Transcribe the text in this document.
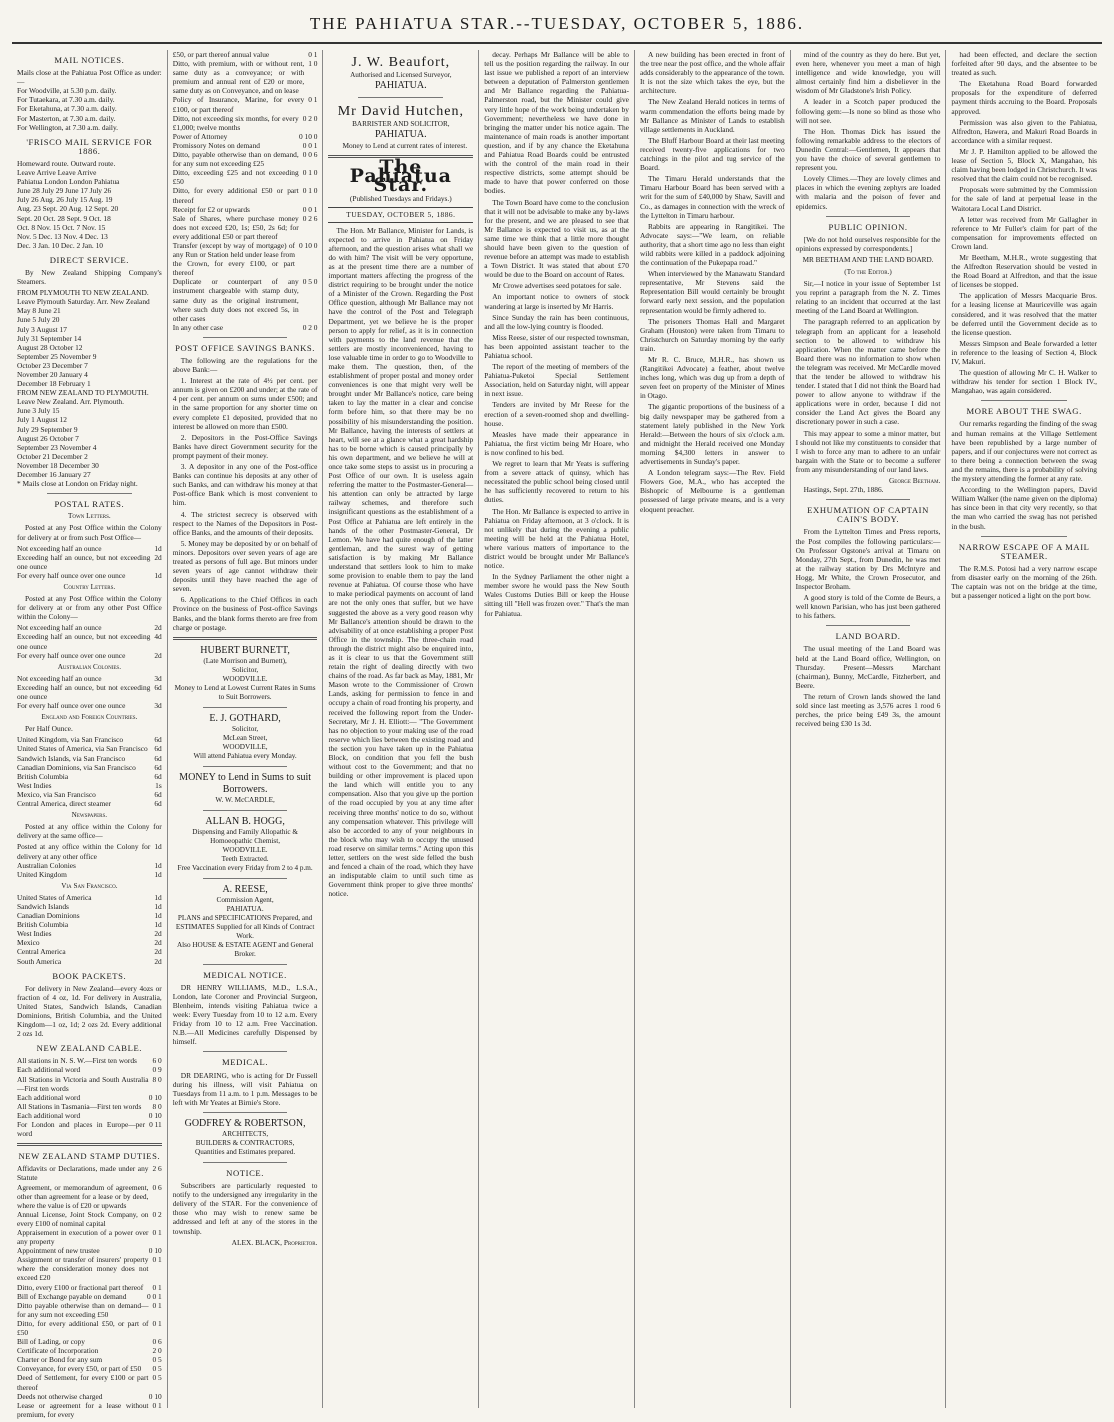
THE PAHIATUA STAR.--TUESDAY, OCTOBER 5, 1886.
MAIL NOTICES.
Mails close at the Pahiatua Post Office as under:—
For Woodville, at 5.30 p.m. daily.
For Tutaekara, at 7.30 a.m. daily.
For Eketahuna, at 7.30 a.m. daily.
For Masterton, at 7.30 a.m. daily.
For Wellington, at 7.30 a.m. daily.
'FRISCO MAIL SERVICE FOR 1886.
Homeward route. Outward route.
Leave Arrive Leave Arrive
Pahiatua London London Pahiatua
June 28 July 29 June 17 July 26
July 26 Aug. 26 July 15 Aug. 19
Aug. 23 Sept. 20 Aug. 12 Sept. 20
Sept. 20 Oct. 28 Sept. 9 Oct. 18
Oct. 8 Nov. 15 Oct. 7 Nov. 15
Nov. 5 Dec. 13 Nov. 4 Dec. 13
Dec. 3 Jan. 10 Dec. 2 Jan. 10
DIRECT SERVICE.

By New Zealand Shipping Company's Steamers.

FROM PLYMOUTH TO NEW ZEALAND.
Leave Plymouth Saturday. Arr. New Zealand
May 8 June 21
June 5 July 20
July 3 August 17
July 31 September 14
August 28 October 12
September 25 November 9
October 23 December 7
November 20 January 4
December 18 February 1
FROM NEW ZEALAND TO PLYMOUTH.
Leave New Zealand. Arr. Plymouth.
June 3 July 15
July 1 August 12
July 29 September 9
August 26 October 7
September 23 November 4
October 21 December 2
November 18 December 30
December 16 January 27
* Mails close at London on Friday night.
POSTAL RATES.
Town Letters.

Posted at any Post Office within the Colony for delivery at or from such Post Office—

Not exceeding half an ounce	1d
Exceeding half an ounce, but not exceeding one ounce
2d
For every half ounce over one ounce	1d
Country Letters.

Posted at any Post Office within the Colony for delivery at or from any other Post Office within the Colony—

Not exceeding half an ounce	2d
Exceeding half an ounce, but not exceeding one ounce
4d
For every half ounce over one ounce	2d
Australian Colonies.
Not exceeding half an ounce	3d
Exceeding half an ounce, but not exceeding one ounce
6d
For every half ounce over one ounce	3d
England and Foreign Countries.

Per Half Ounce.

United Kingdom, via San Francisco	6d
United States of America, via San Francisco 6d
Sandwich Islands, via San Francisco	6d
Canadian Dominions, via San Francisco	6d
British Columbia	6d
West Indies	1s
Mexico, via San Francisco	6d
Central America, direct steamer	6d
Newspapers.

Posted at any office within the Colony for delivery at the same office—

Posted at any office within the Colony for delivery at any other office
1d
Australian Colonies	1d
United Kingdom	1d
Via San Francisco.
United States of America	1d
Sandwich Islands	1d
Canadian Dominions	1d
British Columbia	1d
West Indies	2d
Mexico	2d
Central America	2d
South America	2d
BOOK PACKETS.

For delivery in New Zealand—every 4ozs or fraction of 4 oz, 1d. For delivery in Australia, United States, Sandwich Islands, Canadian Dominions, British Columbia, and the United Kingdom—1 oz, 1d; 2 ozs 2d. Every additional 2 ozs 1d.

NEW ZEALAND CABLE.
All stations in N. S. W.—First ten words	6 0
Each additional word	0 9
All Stations in Victoria and South Australia—First ten words
8 0
Each additional word	0 10
All Stations in Tasmania—First ten words	8 0
Each additional word	0 10
For London and places in Europe—per word
0 11
NEW ZEALAND STAMP DUTIES.
Affidavits or Declarations, made under any Statute
2 6
Agreement, or memorandum of agreement, other than agreement for a lease or by deed, where the value is of £20 or upwards
0 6
Annual License, Joint Stock Company, on every £100 of nominal capital
0 2
Appraisement in execution of a power over any property
0 1
Appointment of new trustee	0 10
Assignment or transfer of insurers' property where the consideration money does not exceed £20
0 1
Ditto, every £100 or fractional part thereof	0 1
Bill of Exchange payable on demand	0 0 1
Ditto payable otherwise than on demand—for any sum not exceeding £50
0 1
Ditto, for every additional £50, or part of £50
0 1
Bill of Lading, or copy	0 6
Certificate of Incorporation	2 0
Charter or Bond for any sum	0 5
Conveyance, for every £50, or part of £50	0 5
Deed of Settlement, for every £100 or part thereof
0 5
Deeds not otherwise charged	0 10
Lease or agreement for a lease without premium, for every
0 1
£50, or part thereof annual value	0 1
Ditto, with premium, with or without rent, same duty as a conveyance; or with premium and annual rent of £20 or more, same duty as on Conveyance, and on lease
1 0
Policy of Insurance, Marine, for every £100, or part thereof
0 1
Ditto, not exceeding six months, for every £1,000; twelve months
0 2 0
Power of Attorney	0 10 0
Promissory Notes on demand	0 0 1
Ditto, payable otherwise than on demand, for any sum not exceeding £25
0 0 6
Ditto, exceeding £25 and not exceeding £50
0 1 0
Ditto, for every additional £50 or part thereof
0 1 0
Receipt for £2 or upwards	0 0 1
Sale of Shares, where purchase money does not exceed £20, 1s; £50, 2s 6d; for every additional £50 or part thereof
0 2 6
Transfer (except by way of mortgage) of any Run or Station held under lease from the Crown, for every £100, or part thereof
0 10 0
Duplicate or counterpart of any instrument chargeable with stamp duty, same duty as the original instrument, where such duty does not exceed 5s, in other cases
0 5 0
In any other case	0 2 0
POST OFFICE SAVINGS BANKS.

The following are the regulations for the above Bank:—

1. Interest at the rate of 4½ per cent. per annum is given on £200 and under; at the rate of 4 per cent. per annum on sums under £500; and in the same proportion for any shorter time on every complete £1 deposited, provided that no interest be allowed on more than £500.

2. Depositors in the Post-Office Savings Banks have direct Government security for the prompt payment of their money.

3. A depositor in any one of the Post-office Banks can continue his deposits at any other of such Banks, and can withdraw his money at that Post-office Bank which is most convenient to him.

4. The strictest secrecy is observed with respect to the Names of the Depositors in Post-office Banks, and the amounts of their deposits.

5. Money may be deposited by or on behalf of minors. Depositors over seven years of age are treated as persons of full age. But minors under seven years of age cannot withdraw their deposits until they have reached the age of seven.

6. Applications to the Chief Offices in each Province on the business of Post-office Savings Banks, and the blank forms thereto are free from charge or postage.

HUBERT BURNETT,
(Late Morrison and Burnett),
Solicitor,
WOODVILLE.
Money to Lend at Lowest Current Rates in Sums to Suit Borrowers.
E. J. GOTHARD,
Solicitor,
McLean Street,
WOODVILLE,
Will attend Pahiatua every Monday.
MONEY to Lend in Sums to suit Borrowers.
W. W. McCARDLE,
ALLAN B. HOGG,
Dispensing and Family Allopathic & Homoeopathic Chemist,
WOODVILLE.
Teeth Extracted.
Free Vaccination every Friday from 2 to 4 p.m.
A. REESE,
Commission Agent,
PAHIATUA.
PLANS and SPECIFICATIONS Prepared, and ESTIMATES Supplied for all Kinds of Contract Work.
Also HOUSE & ESTATE AGENT and General Broker.
MEDICAL NOTICE.

DR HENRY WILLIAMS, M.D., L.S.A., London, late Coroner and Provincial Surgeon, Blenheim, intends visiting Pahiatua twice a week: Every Tuesday from 10 to 12 a.m. Every Friday from 10 to 12 a.m. Free Vaccination. N.B.—All Medicines carefully Dispensed by himself.

MEDICAL.

DR DEARING, who is acting for Dr Fussell during his illness, will visit Pahiatua on Tuesdays from 11 a.m. to 1 p.m. Messages to be left with Mr Yeates at Birnie's Store.

GODFREY & ROBERTSON,
ARCHITECTS,
BUILDERS & CONTRACTORS,
Quantities and Estimates prepared.
NOTICE.

Subscribers are particularly requested to notify to the undersigned any irregularity in the delivery of the STAR. For the convenience of those who may wish to renew same be addressed and left at any of the stores in the township.

ALEX. BLACK, Proprietor.
J. W. Beaufort,
Authorised and Licensed Surveyor,
PAHIATUA.
Mr David Hutchen,
BARRISTER AND SOLICITOR,
PAHIATUA.

Money to Lend at current rates of interest.

The Pahiatua Star.
(Published Tuesdays and Fridays.)
TUESDAY, OCTOBER 5, 1886.

The Hon. Mr Ballance, Minister for Lands, is expected to arrive in Pahiatua on Friday afternoon, and the question arises what shall we do with him? The visit will be very opportune, as at the present time there are a number of important matters affecting the progress of the district requiring to be brought under the notice of a Minister of the Crown. Regarding the Post Office question, although Mr Ballance may not have the control of the Post and Telegraph Department, yet we believe he is the proper person to apply for relief, as it is in connection with payments to the land revenue that the settlers are mostly inconvenienced, having to lose valuable time in order to go to Woodville to make them. The question, then, of the establishment of proper postal and money order conveniences is one that might very well be brought under Mr Ballance's notice, care being taken to lay the matter in a clear and concise form before him, so that there may be no possibility of his misunderstanding the position. Mr Ballance, having the interests of settlers at heart, will see at a glance what a great hardship has to be borne which is caused principally by his own department, and we believe he will at once take some steps to assist us in procuring a Post Office of our own. It is useless again referring the matter to the Postmaster-General—his attention can only be attracted by large railway schemes, and therefore such insignificant questions as the establishment of a Post Office at Pahiatua are left entirely in the hands of the other Postmaster-General, Dr Lemon. We have had quite enough of the latter gentleman, and the surest way of getting satisfaction is by making Mr Ballance understand that settlers look to him to make some provision to enable them to pay the land revenue at Pahiatua. Of course those who have to make periodical payments on account of land are not the only ones that suffer, but we have suggested the above as a very good reason why Mr Ballance's attention should be drawn to the advisability of at once establishing a proper Post Office in the township. The three-chain road through the district might also be enquired into, as it is clear to us that the Government still retain the right of dealing directly with two chains of the road. As far back as May, 1881, Mr Mason wrote to the Commissioner of Crown Lands, asking for permission to fence in and occupy a chain of road fronting his property, and received the following report from the Under-Secretary, Mr J. H. Elliott:— "The Government has no objection to your making use of the road reserve which lies between the existing road and the section you have taken up in the Pahiatua Block, on condition that you fell the bush without cost to the Government; and that no building or other improvement is placed upon the land which will entitle you to any compensation. Also that you give up the portion of the road occupied by you at any time after receiving three months' notice to do so, without any compensation whatever. This privilege will also be accorded to any of your neighbours in the block who may wish to occupy the unused road reserve on similar terms." Acting upon this letter, settlers on the west side felled the bush and fenced a chain of the road, which they have an indisputable claim to until such time as Government think proper to give three months' notice.

decay. Perhaps Mr Ballance will be able to tell us the position regarding the railway. In our last issue we published a report of an interview between a deputation of Palmerston gentlemen and Mr Ballance regarding the Pahiatua-Palmerston road, but the Minister could give very little hope of the work being undertaken by Government; nevertheless we have done in bringing the matter under his notice again. The maintenance of main roads is another important question, and if by any chance the Eketahuna and Pahiatua Road Boards could be entrusted with the control of the main road in their respective districts, some attempt should be made to have that power conferred on those bodies.

The Town Board have come to the conclusion that it will not be advisable to make any by-laws for the present, and we are pleased to see that Mr Ballance is expected to visit us, as at the same time we think that a little more thought should have been given to the question of revenue before an attempt was made to establish a Town District. It was stated that about £70 would be due to the Board on account of Rates.

Mr Crowe advertises seed potatoes for sale.

An important notice to owners of stock wandering at large is inserted by Mr Harris.

Since Sunday the rain has been continuous, and all the low-lying country is flooded.

Miss Reese, sister of our respected townsman, has been appointed assistant teacher to the Pahiatua school.

The report of the meeting of members of the Pahiatua-Puketoi Special Settlement Association, held on Saturday night, will appear in next issue.

Tenders are invited by Mr Reese for the erection of a seven-roomed shop and dwelling-house.

Measles have made their appearance in Pahiatua, the first victim being Mr Hoare, who is now confined to his bed.

We regret to learn that Mr Yeats is suffering from a severe attack of quinsy, which has necessitated the public school being closed until he has sufficiently recovered to return to his duties.

The Hon. Mr Ballance is expected to arrive in Pahiatua on Friday afternoon, at 3 o'clock. It is not unlikely that during the evening a public meeting will be held at the Pahiatua Hotel, where various matters of importance to the district would be brought under Mr Ballance's notice.

In the Sydney Parliament the other night a member swore he would pass the New South Wales Customs Duties Bill or keep the House sitting till "Hell was frozen over." That's the man for Pahiatua.

A new building has been erected in front of the tree near the post office, and the whole affair adds considerably to the appearance of the town. It is not the size which takes the eye, but the architecture.

The New Zealand Herald notices in terms of warm commendation the efforts being made by Mr Ballance as Minister of Lands to establish village settlements in Auckland.

The Bluff Harbour Board at their last meeting received twenty-five applications for two catchings in the pilot and tug service of the Board.

The Timaru Herald understands that the Timaru Harbour Board has been served with a writ for the sum of £40,000 by Shaw, Savill and Co., as damages in connection with the wreck of the Lyttelton in Timaru harbour.

Rabbits are appearing in Rangitikei. The Advocate says:—"We learn, on reliable authority, that a short time ago no less than eight wild rabbits were killed in a paddock adjoining the continuation of the Pukepapa road."

When interviewed by the Manawatu Standard representative, Mr Stevens said the Representation Bill would certainly be brought forward early next session, and the population representation would be firmly adhered to.

The prisoners Thomas Hall and Margaret Graham (Houston) were taken from Timaru to Christchurch on Saturday morning by the early train.

Mr R. C. Bruce, M.H.R., has shown us (Rangitikei Advocate) a feather, about twelve inches long, which was dug up from a depth of seven feet on property of the Minister of Mines in Otago.

The gigantic proportions of the business of a big daily newspaper may be gathered from a statement lately published in the New York Herald:—Between the hours of six o'clock a.m. and midnight the Herald received one Monday morning $4,300 letters in answer to advertisements in Sunday's paper.

A London telegram says:—The Rev. Field Flowers Goe, M.A., who has accepted the Bishopric of Melbourne is a gentleman possessed of large private means, and is a very eloquent preacher.

mind of the country as they do here. But yet, even here, whenever you meet a man of high intelligence and wide knowledge, you will almost certainly find him a disbeliever in the wisdom of Mr Gladstone's Irish Policy.

A leader in a Scotch paper produced the following gem:—Is none so blind as those who will not see.

The Hon. Thomas Dick has issued the following remarkable address to the electors of Dunedin Central:—Gentlemen, It appears that you have the choice of several gentlemen to represent you.

Lovely Climes.—They are lovely climes and places in which the evening zephyrs are loaded with malaria and the poison of fever and epidemics.

PUBLIC OPINION.

[We do not hold ourselves responsible for the opinions expressed by correspondents.]

MR BEETHAM AND THE LAND BOARD.
(To the Editor.)

Sir,—I notice in your issue of September 1st you reprint a paragraph from the N. Z. Times relating to an incident that occurred at the last meeting of the Land Board at Wellington.

The paragraph referred to an application by telegraph from an applicant for a leasehold section to be allowed to withdraw his application. When the matter came before the Board there was no information to show when the telegram was received. Mr McCardle moved that the tender be allowed to withdraw his tender. I stated that I did not think the Board had power to allow anyone to withdraw if the applications were in order, because I did not consider the Land Act gives the Board any discretionary power in such a case.

This may appear to some a minor matter, but I should not like my constituents to consider that I wish to force any man to adhere to an unfair bargain with the State or to become a sufferer from any misunderstanding of our land laws.

George Beetham.

Hastings, Sept. 27th, 1886.

EXHUMATION OF CAPTAIN CAIN'S BODY.

From the Lyttelton Times and Press reports, the Post compiles the following particulars:—On Professor Ogstone's arrival at Timaru on Monday, 27th Sept., from Dunedin, he was met at the railway station by Drs McIntyre and Hogg, Mr White, the Crown Prosecutor, and Inspector Broham.

A good story is told of the Comte de Beurs, a well known Parisian, who has just been gathered to his fathers.

LAND BOARD.

The usual meeting of the Land Board was held at the Land Board office, Wellington, on Thursday. Present—Messrs Marchant (chairman), Bunny, McCardle, Fitzherbert, and Beere.

The return of Crown lands showed the land sold since last meeting as 3,576 acres 1 rood 6 perches, the price being £49 3s, the amount received being £30 1s 3d.

had been effected, and declare the section forfeited after 90 days, and the absentee to be treated as such.

The Eketahuna Road Board forwarded proposals for the expenditure of deferred payment thirds accruing to the Board. Proposals approved.

Permission was also given to the Pahiatua, Alfredton, Hawera, and Makuri Road Boards in accordance with a similar request.

Mr J. P. Hamilton applied to be allowed the lease of Section 5, Block X, Mangahao, his claim having been lodged in Christchurch. It was resolved that the claim could not be recognised.

Proposals were submitted by the Commission for the sale of land at perpetual lease in the Waitotara Local Land District.

A letter was received from Mr Gallagher in reference to Mr Fuller's claim for part of the compensation for improvements effected on Crown land.

Mr Beetham, M.H.R., wrote suggesting that the Alfredton Reservation should be vested in the Road Board at Alfredton, and that the issue of licenses be stopped.

The application of Messrs Macquarie Bros. for a leasing license at Mauriceville was again considered, and it was resolved that the matter be deferred until the Government decide as to the license question.

Messrs Simpson and Beale forwarded a letter in reference to the leasing of Section 4, Block IV, Makuri.

The question of allowing Mr C. H. Walker to withdraw his tender for section 1 Block IV., Mangahao, was again considered.

MORE ABOUT THE SWAG.

Our remarks regarding the finding of the swag and human remains at the Village Settlement have been republished by a large number of papers, and if our conjectures were not correct as to there being a connection between the swag and the remains, there is a probability of solving the mystery attending the former at any rate.

According to the Wellington papers, David William Walker (the name given on the diploma) has since been in that city very recently, so that the man who carried the swag has not perished in the bush.

NARROW ESCAPE OF A MAIL STEAMER.

The R.M.S. Potosi had a very narrow escape from disaster early on the morning of the 26th. The captain was not on the bridge at the time, but a passenger noticed a light on the port bow.
